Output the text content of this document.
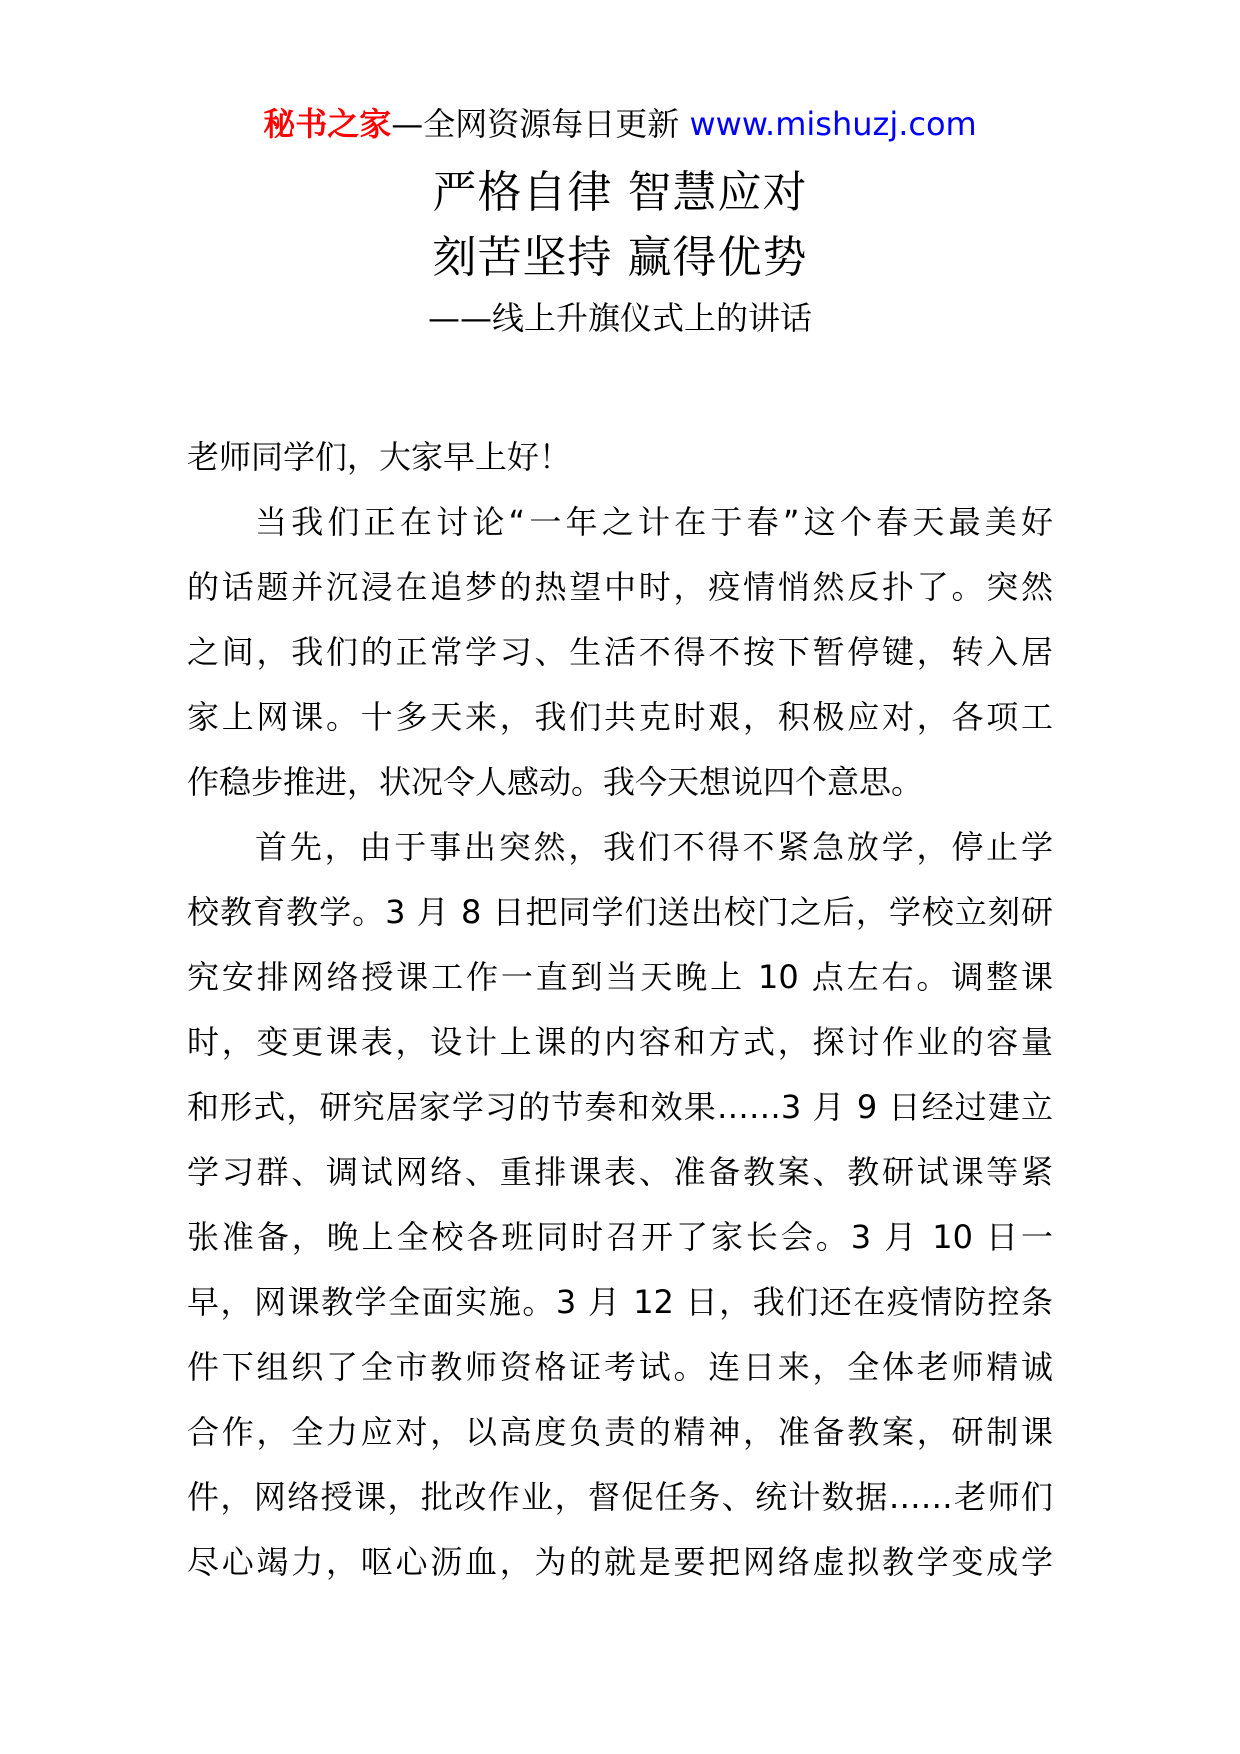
秘书之家—全网资源每日更新 www.mishuzj.com
严格自律 智慧应对
刻苦坚持 赢得优势
——线上升旗仪式上的讲话
老师同学们，大家早上好！
当我们正在讨论“一年之计在于春”这个春天最美好
的话题并沉浸在追梦的热望中时，疫情悄然反扑了。突然
之间，我们的正常学习、生活不得不按下暂停键，转入居
家上网课。十多天来，我们共克时艰，积极应对，各项工
作稳步推进，状况令人感动。我今天想说四个意思。
首先，由于事出突然，我们不得不紧急放学，停止学
校教育教学。3 月 8 日把同学们送出校门之后，学校立刻研
究安排网络授课工作一直到当天晚上 10 点左右。调整课
时，变更课表，设计上课的内容和方式，探讨作业的容量
和形式，研究居家学习的节奏和效果……3 月 9 日经过建立
学习群、调试网络、重排课表、准备教案、教研试课等紧
张准备，晚上全校各班同时召开了家长会。3 月 10 日一
早，网课教学全面实施。3 月 12 日，我们还在疫情防控条
件下组织了全市教师资格证考试。连日来，全体老师精诚
合作，全力应对，以高度负责的精神，准备教案，研制课
件，网络授课，批改作业，督促任务、统计数据……老师们
尽心竭力，呕心沥血，为的就是要把网络虚拟教学变成学
